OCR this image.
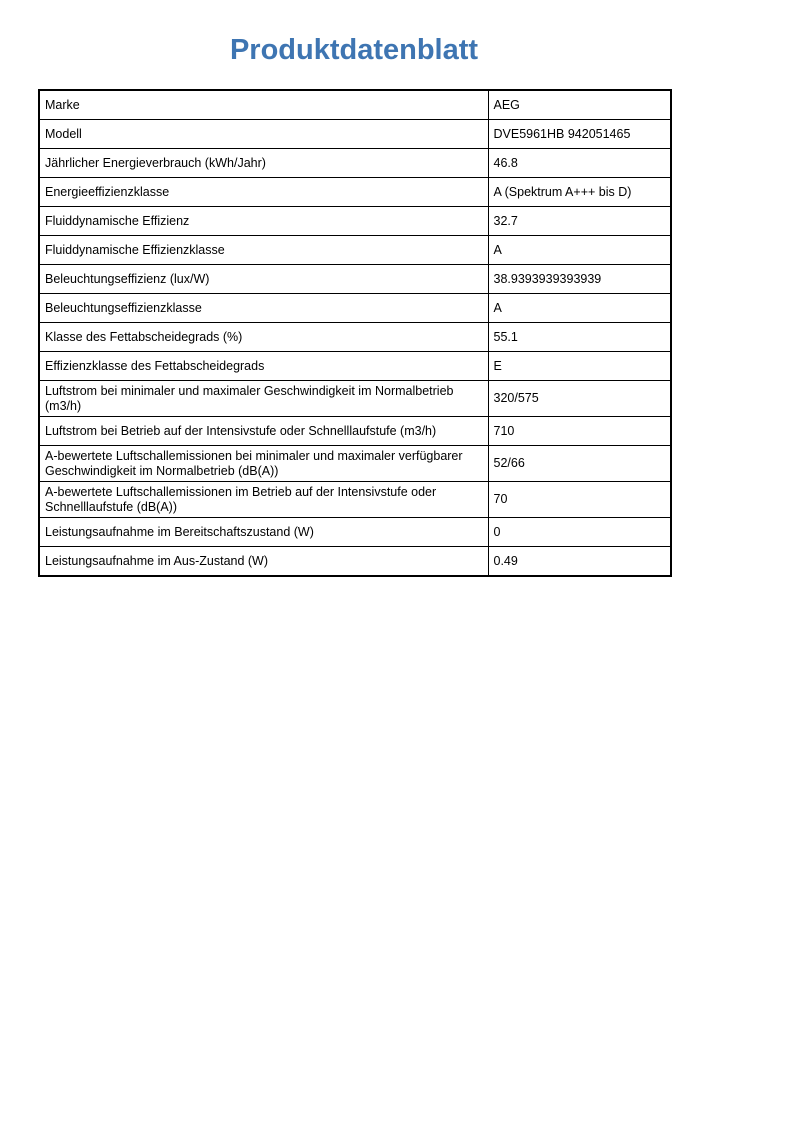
Produktdatenblatt
Marke	AEG
Modell	DVE5961HB 942051465
Jährlicher Energieverbrauch (kWh/Jahr)	46.8
Energieeffizienzklasse	A (Spektrum A+++ bis D)
Fluiddynamische Effizienz	32.7
Fluiddynamische Effizienzklasse	A
Beleuchtungseffizienz (lux/W)	38.9393939393939
Beleuchtungseffizienzklasse	A
Klasse des Fettabscheidegrads (%)	55.1
Effizienzklasse des Fettabscheidegrads	E
Luftstrom bei minimaler und maximaler Geschwindigkeit im Normalbetrieb (m3/h)	320/575
Luftstrom bei Betrieb auf der Intensivstufe oder Schnelllaufstufe (m3/h)	710
A-bewertete Luftschallemissionen bei minimaler und maximaler verfügbarer Geschwindigkeit im Normalbetrieb (dB(A))	52/66
A-bewertete Luftschallemissionen im Betrieb auf der Intensivstufe oder Schnelllaufstufe (dB(A))	70
Leistungsaufnahme im Bereitschaftszustand (W)	0
Leistungsaufnahme im Aus-Zustand (W)	0.49
